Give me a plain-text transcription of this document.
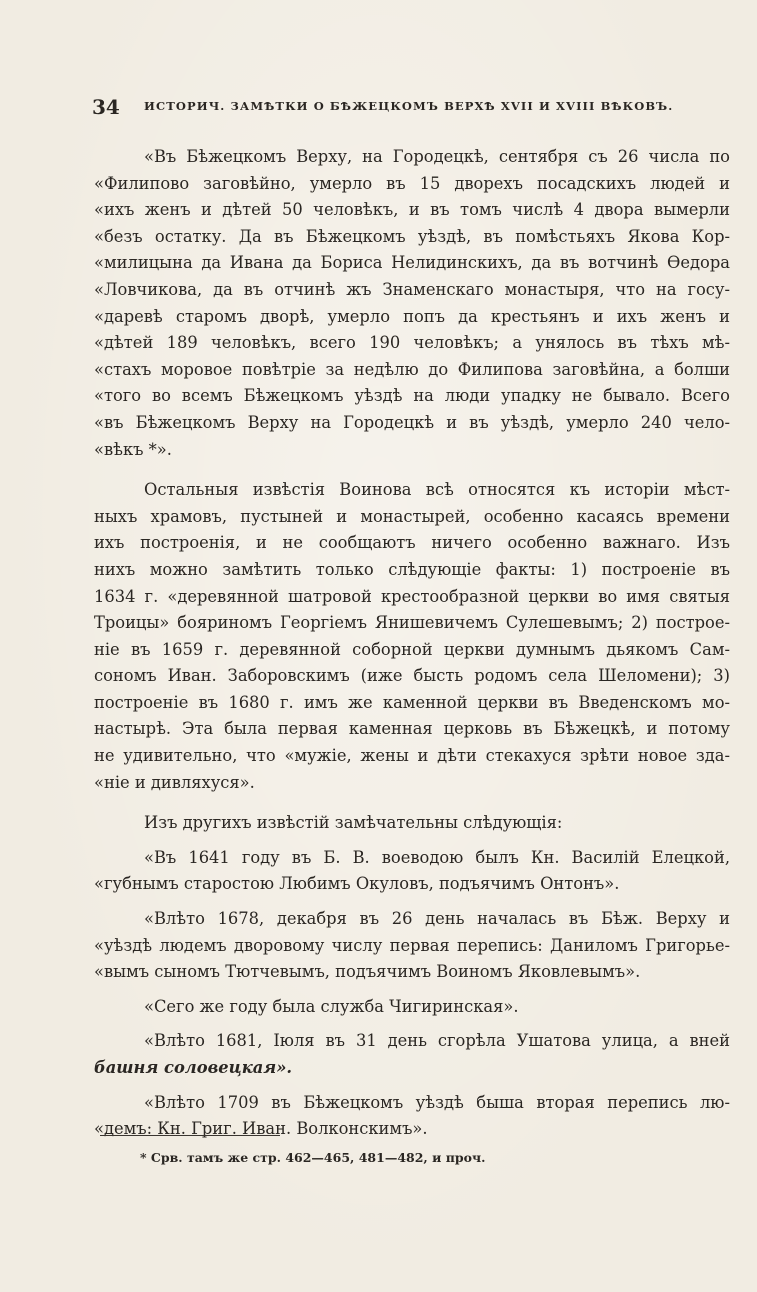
34 ИСТОРИЧ. ЗАМѢТКИ О БѢЖЕЦКОМЪ ВЕРХѢ XVII И XVIII ВѢКОВЪ.
«Въ Бѣжецкомъ Верху, на Городецкѣ, сентября съ 26 числа по
«Филипово заговѣйно, умерло въ 15 дворехъ посадскихъ людей и
«ихъ женъ и дѣтей 50 человѣкъ, и въ томъ числѣ 4 двора вымерли
«безъ остатку. Да въ Бѣжецкомъ уѣздѣ, въ помѣстьяхъ Якова Кор-
«милицына да Ивана да Бориса Нелидинскихъ, да въ вотчинѣ Ѳедора
«Ловчикова, да въ отчинѣ жъ Знаменскаго монастыря, что на госу-
«даревѣ старомъ дворѣ, умерло попъ да крестьянъ и ихъ женъ и
«дѣтей 189 человѣкъ, всего 190 человѣкъ; а унялось въ тѣхъ мѣ-
«стахъ моровое повѣтріе за недѣлю до Филипова заговѣйна, а болши
«того во всемъ Бѣжецкомъ уѣздѣ на люди упадку не бывало. Всего
«въ Бѣжецкомъ Верху на Городецкѣ и въ уѣздѣ, умерло 240 чело-
«вѣкъ *».
Остальныя извѣстія Воинова всѣ относятся къ исторіи мѣст-
ныхъ храмовъ, пустыней и монастырей, особенно касаясь времени
ихъ построенія, и не сообщаютъ ничего особенно важнаго. Изъ
нихъ можно замѣтить только слѣдующіе факты: 1) построеніе въ
1634 г. «деревянной шатровой крестообразной церкви во имя святыя
Троицы» бояриномъ Георгіемъ Янишевичемъ Сулешевымъ; 2) построе-
ніе въ 1659 г. деревянной соборной церкви думнымъ дьякомъ Сам-
сономъ Иван. Заборовскимъ (иже бысть родомъ села Шеломени); 3)
построеніе въ 1680 г. имъ же каменной церкви въ Введенскомъ мо-
настырѣ. Эта была первая каменная церковь въ Бѣжецкѣ, и потому
не удивительно, что «мужіе, жены и дѣти стекахуся зрѣти новое зда-
«ніе и дивляхуся».
Изъ другихъ извѣстій замѣчательны слѣдующія:
«Въ 1641 году въ Б. В. воеводою былъ Кн. Василій Елецкой,
«губнымъ старостою Любимъ Окуловъ, подъячимъ Онтонъ».
«Влѣто 1678, декабря въ 26 день началась въ Бѣж. Верху и
«уѣздѣ людемъ дворовому числу первая перепись: Даниломъ Григорье-
«вымъ сыномъ Тютчевымъ, подъячимъ Воиномъ Яковлевымъ».
«Сего же году была служба Чигиринская».
«Влѣто 1681, Іюля въ 31 день сгорѣла Ушатова улица, а вней
башня соловецкая».
«Влѣто 1709 въ Бѣжецкомъ уѣздѣ быша вторая перепись лю-
«демъ: Кн. Григ. Иван. Волконскимъ».
* Срв. тамъ же стр. 462—465, 481—482, и проч.
